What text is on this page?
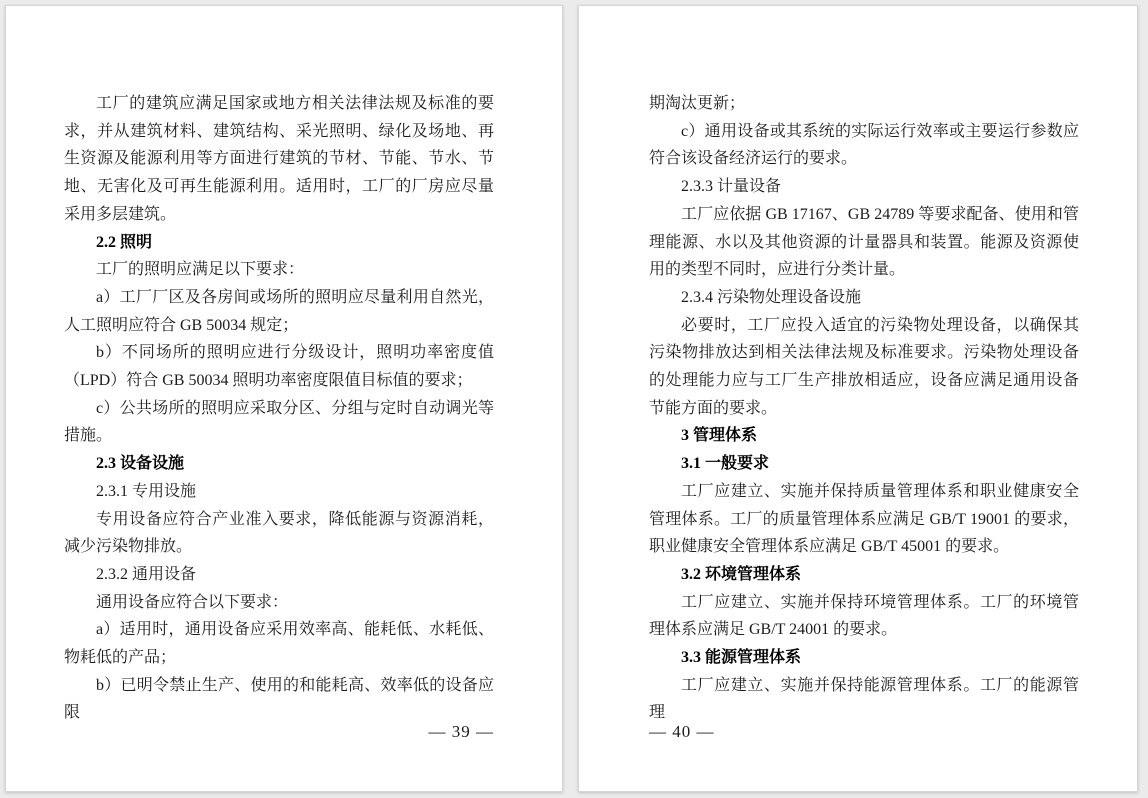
工厂的建筑应满足国家或地方相关法律法规及标准的要求，并从建筑材料、建筑结构、采光照明、绿化及场地、再生资源及能源利用等方面进行建筑的节材、节能、节水、节地、无害化及可再生能源利用。适用时，工厂的厂房应尽量采用多层建筑。
2.2 照明
工厂的照明应满足以下要求：
a）工厂厂区及各房间或场所的照明应尽量利用自然光，人工照明应符合 GB 50034 规定；
b）不同场所的照明应进行分级设计，照明功率密度值（LPD）符合 GB 50034 照明功率密度限值目标值的要求；
c）公共场所的照明应采取分区、分组与定时自动调光等措施。
2.3 设备设施
2.3.1 专用设施
专用设备应符合产业准入要求，降低能源与资源消耗，减少污染物排放。
2.3.2 通用设备
通用设备应符合以下要求：
a）适用时，通用设备应采用效率高、能耗低、水耗低、物耗低的产品；
b）已明令禁止生产、使用的和能耗高、效率低的设备应限
— 39 —
期淘汰更新；
c）通用设备或其系统的实际运行效率或主要运行参数应符合该设备经济运行的要求。
2.3.3 计量设备
工厂应依据 GB 17167、GB 24789 等要求配备、使用和管理能源、水以及其他资源的计量器具和装置。能源及资源使用的类型不同时，应进行分类计量。
2.3.4 污染物处理设备设施
必要时，工厂应投入适宜的污染物处理设备，以确保其污染物排放达到相关法律法规及标准要求。污染物处理设备的处理能力应与工厂生产排放相适应，设备应满足通用设备节能方面的要求。
3 管理体系
3.1 一般要求
工厂应建立、实施并保持质量管理体系和职业健康安全管理体系。工厂的质量管理体系应满足 GB/T 19001 的要求，职业健康安全管理体系应满足 GB/T 45001 的要求。
3.2 环境管理体系
工厂应建立、实施并保持环境管理体系。工厂的环境管理体系应满足 GB/T 24001 的要求。
3.3 能源管理体系
工厂应建立、实施并保持能源管理体系。工厂的能源管理
— 40 —
